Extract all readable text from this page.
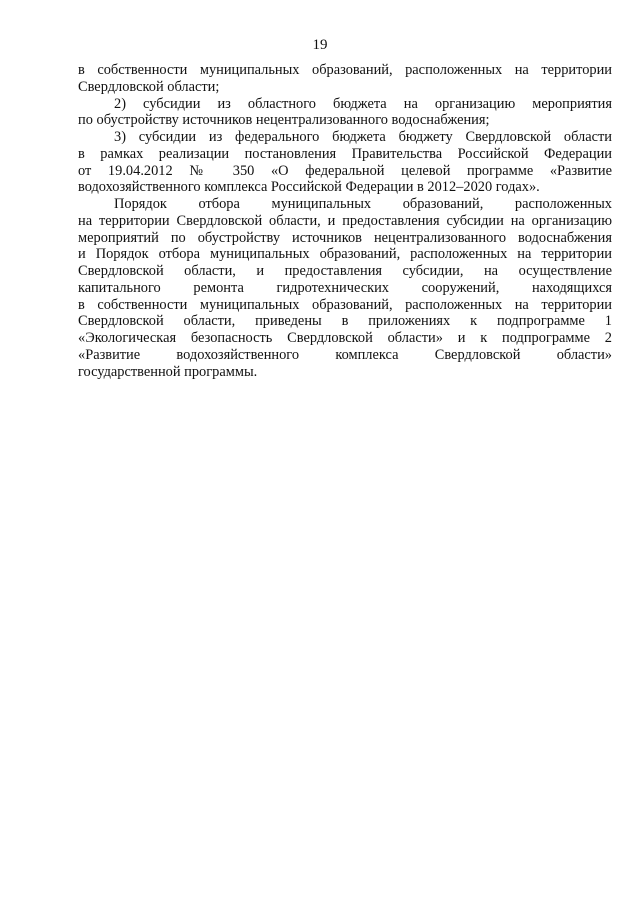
19
в собственности муниципальных образований, расположенных на территории
Свердловской области;
2) субсидии из областного бюджета на организацию мероприятия
по обустройству источников нецентрализованного водоснабжения;
3) субсидии из федерального бюджета бюджету Свердловской области
в рамках реализации постановления Правительства Российской Федерации
от 19.04.2012 № 350 «О федеральной целевой программе «Развитие
водохозяйственного комплекса Российской Федерации в 2012–2020 годах».
Порядок отбора муниципальных образований, расположенных
на территории Свердловской области, и предоставления субсидии на организацию
мероприятий по обустройству источников нецентрализованного водоснабжения
и Порядок отбора муниципальных образований, расположенных на территории
Свердловской области, и предоставления субсидии, на осуществление
капитального ремонта гидротехнических сооружений, находящихся
в собственности муниципальных образований, расположенных на территории
Свердловской области, приведены в приложениях к подпрограмме 1
«Экологическая безопасность Свердловской области» и к подпрограмме 2
«Развитие водохозяйственного комплекса Свердловской области»
государственной программы.
